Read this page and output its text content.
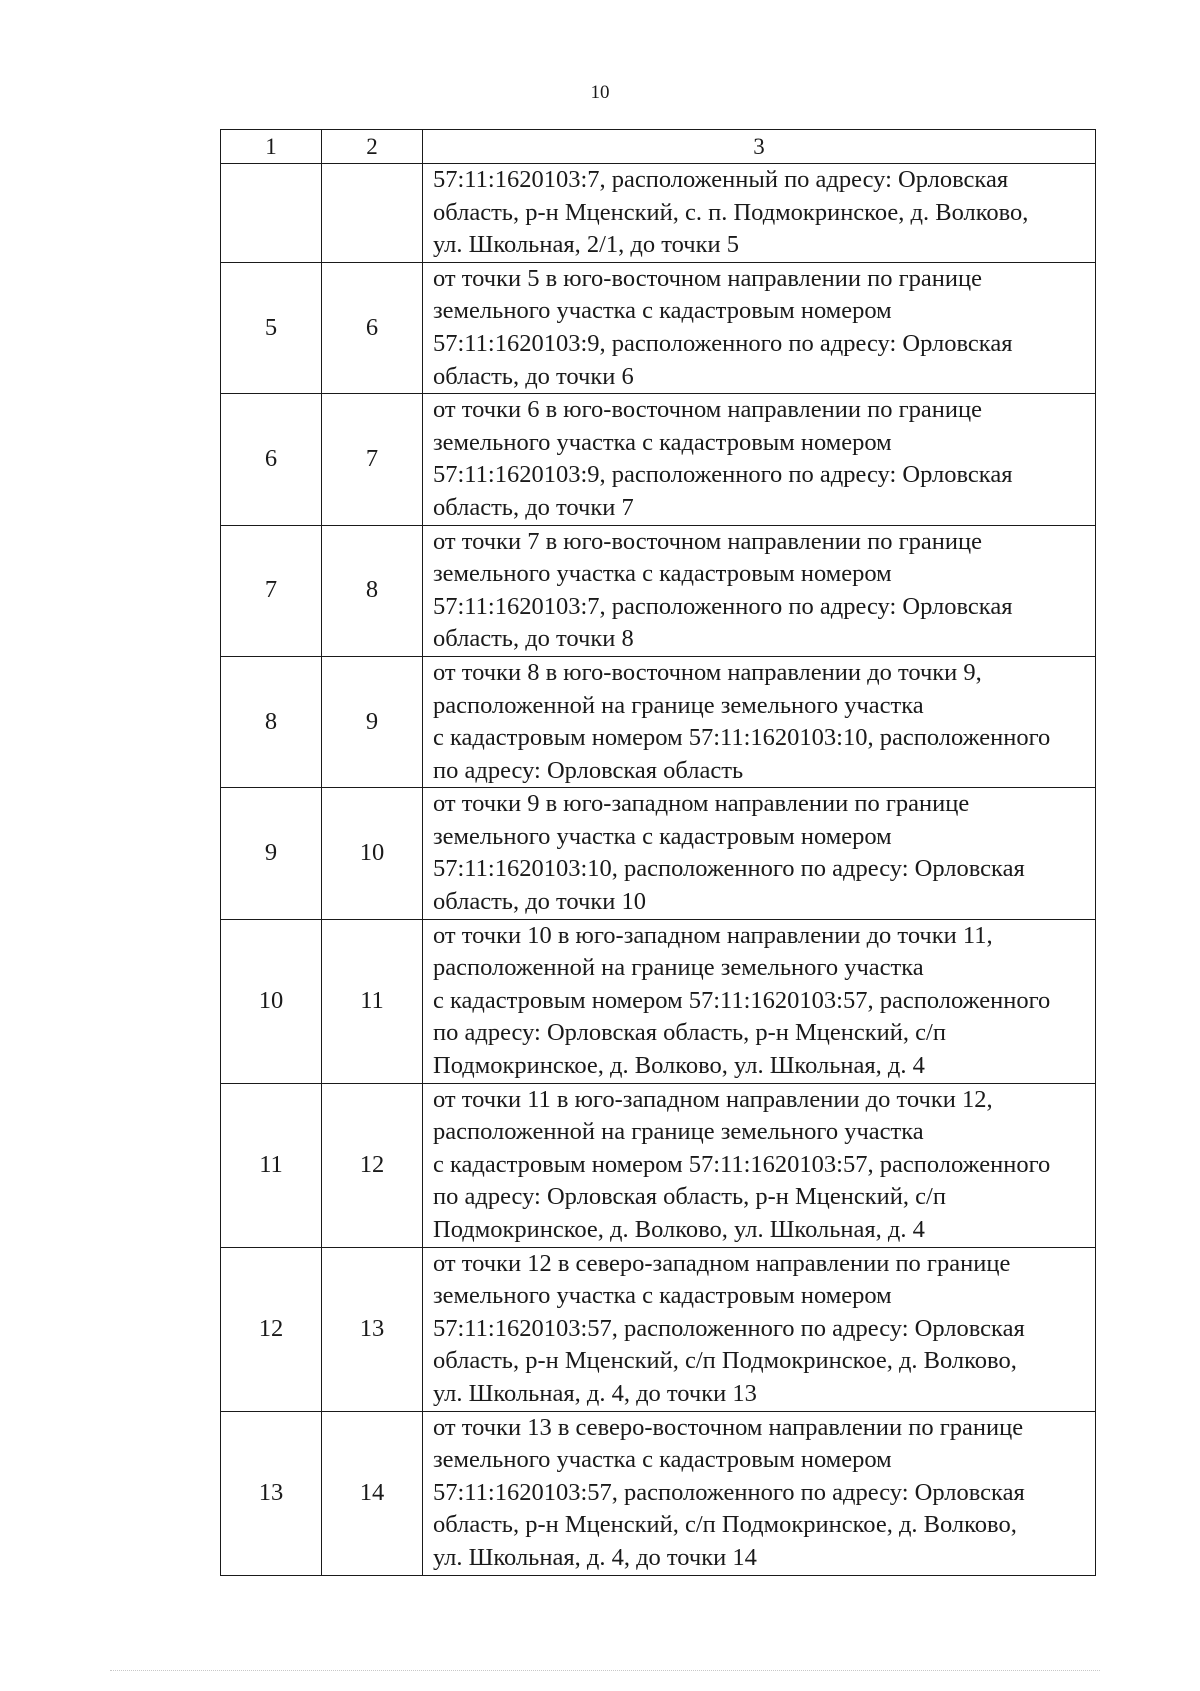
10
1	2	3

		57:11:1620103:7, расположенный по адресу: Орловская
область, р-н Мценский, с. п. Подмокринское, д. Волково,
ул. Школьная, 2/1, до точки 5

5	6	от точки 5 в юго-восточном направлении по границе
земельного участка с кадастровым номером
57:11:1620103:9, расположенного по адресу: Орловская
область, до точки 6

6	7	от точки 6 в юго-восточном направлении по границе
земельного участка с кадастровым номером
57:11:1620103:9, расположенного по адресу: Орловская
область, до точки 7

7	8	от точки 7 в юго-восточном направлении по границе
земельного участка с кадастровым номером
57:11:1620103:7, расположенного по адресу: Орловская
область, до точки 8

8	9	от точки 8 в юго-восточном направлении до точки 9,
расположенной на границе земельного участка
с кадастровым номером 57:11:1620103:10, расположенного
по адресу: Орловская область

9	10	от точки 9 в юго-западном направлении по границе
земельного участка с кадастровым номером
57:11:1620103:10, расположенного по адресу: Орловская
область, до точки 10

10	11	от точки 10 в юго-западном направлении до точки 11,
расположенной на границе земельного участка
с кадастровым номером 57:11:1620103:57, расположенного
по адресу: Орловская область, р-н Мценский, с/п
Подмокринское, д. Волково, ул. Школьная, д. 4

11	12	от точки 11 в юго-западном направлении до точки 12,
расположенной на границе земельного участка
с кадастровым номером 57:11:1620103:57, расположенного
по адресу: Орловская область, р-н Мценский, с/п
Подмокринское, д. Волково, ул. Школьная, д. 4

12	13	от точки 12 в северо-западном направлении по границе
земельного участка с кадастровым номером
57:11:1620103:57, расположенного по адресу: Орловская
область, р-н Мценский, с/п Подмокринское, д. Волково,
ул. Школьная, д. 4, до точки 13

13	14	от точки 13 в северо-восточном направлении по границе
земельного участка с кадастровым номером
57:11:1620103:57, расположенного по адресу: Орловская
область, р-н Мценский, с/п Подмокринское, д. Волково,
ул. Школьная, д. 4, до точки 14
